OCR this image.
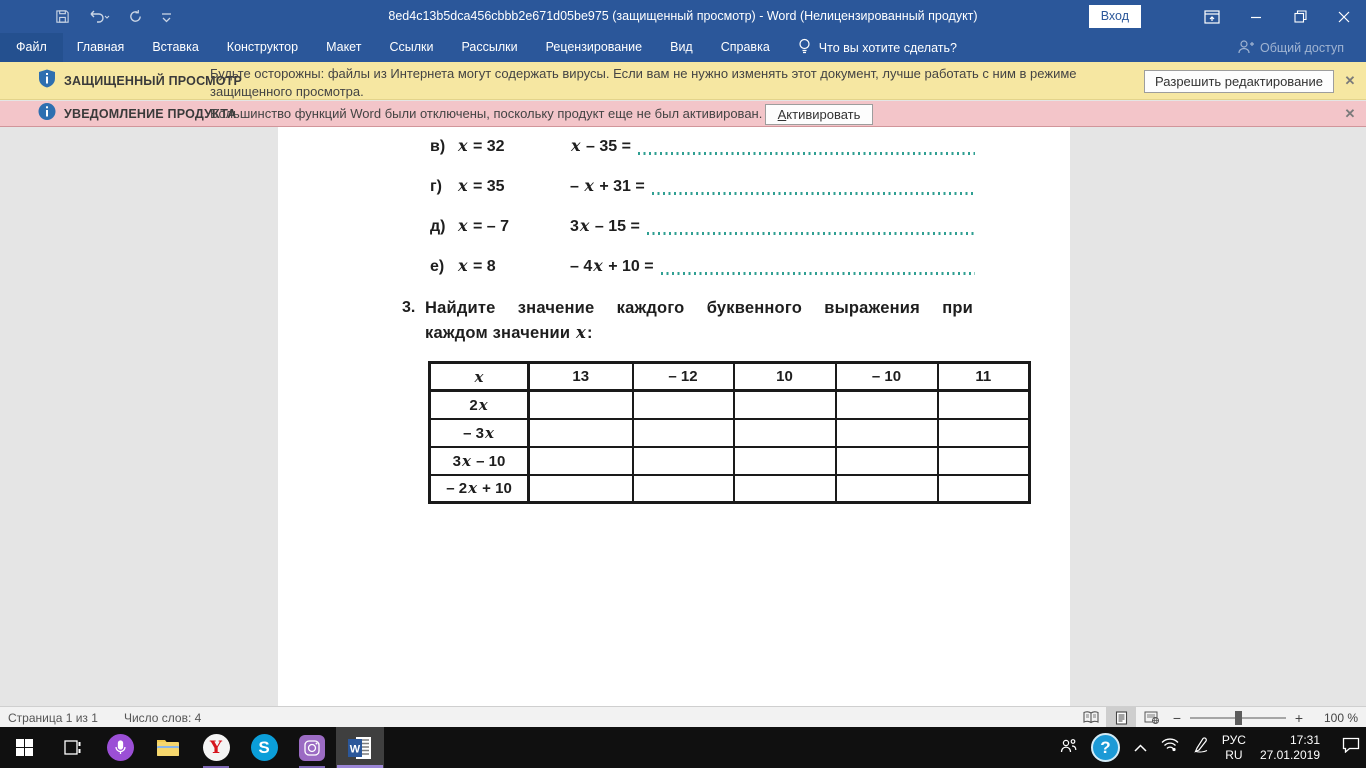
8ed4c13b5dca456cbbb2e671d05be975 (защищенный просмотр) - Word (Нелицензированный продукт)	Вход
Файл	Главная	Вставка	Конструктор	Макет	Ссылки	Рассылки	Рецензирование	Вид	Справка	Что вы хотите сделать?	Общий доступ
ЗАЩИЩЕННЫЙ ПРОСМОТР
Будьте осторожны: файлы из Интернета могут содержать вирусы. Если вам не нужно изменять этот документ, лучше работать с ним в режиме защищенного просмотра.
Разрешить редактирование	✕
УВЕДОМЛЕНИЕ ПРОДУКТА
Большинство функций Word были отключены, поскольку продукт еще не был активирован.	Активировать	✕
в) x = 32	x – 35 =
г)	x = 35	– x + 31 =
д) x = – 7	3x – 15 =
е) x = 8	– 4x + 10 =
3. Найдите значение каждого буквенного выражения при
каждом значении x:
x	13	– 12	10	– 10	11
2x					
– 3x					
3x – 10					
– 2x + 10					
Страница 1 из 1 Число слов: 4	−	+	100 %
Y	S	W	?	РУС
RU
17:31
27.01.2019
